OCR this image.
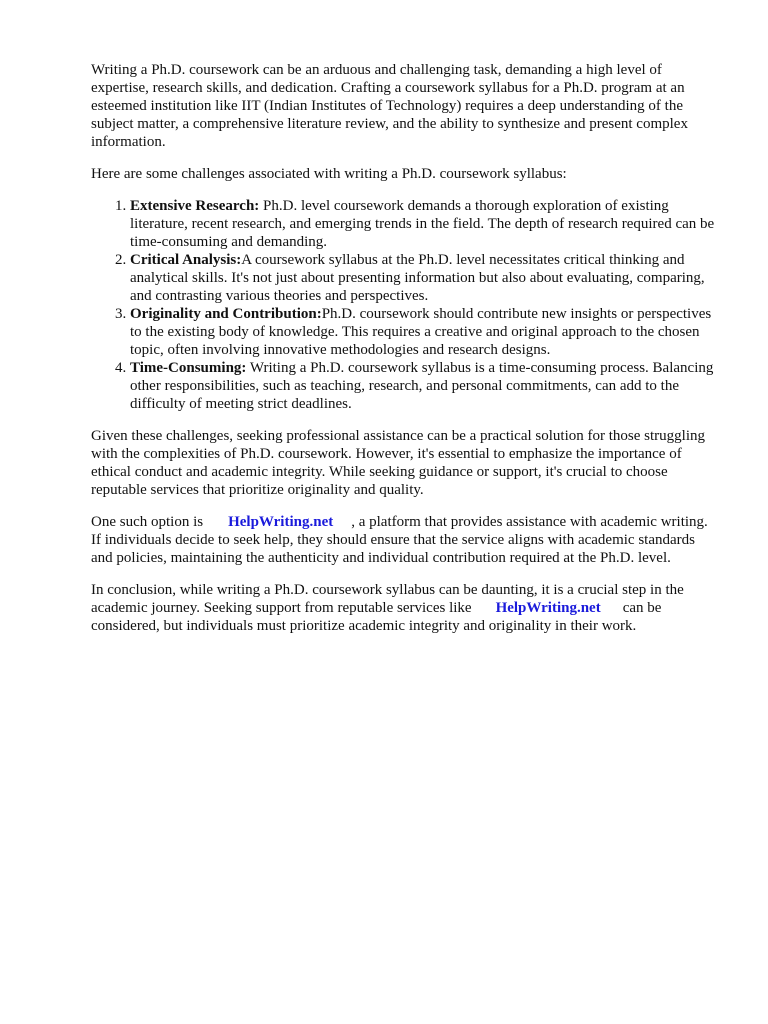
Writing a Ph.D. coursework can be an arduous and challenging task, demanding a high level of expertise, research skills, and dedication. Crafting a coursework syllabus for a Ph.D. program at an esteemed institution like IIT (Indian Institutes of Technology) requires a deep understanding of the subject matter, a comprehensive literature review, and the ability to synthesize and present complex information.

Here are some challenges associated with writing a Ph.D. coursework syllabus:

1. Extensive Research: Ph.D. level coursework demands a thorough exploration of existing literature, recent research, and emerging trends in the field. The depth of research required can be time-consuming and demanding.
2. Critical Analysis:A coursework syllabus at the Ph.D. level necessitates critical thinking and analytical skills. It's not just about presenting information but also about evaluating, comparing, and contrasting various theories and perspectives.
3. Originality and Contribution:Ph.D. coursework should contribute new insights or perspectives to the existing body of knowledge. This requires a creative and original approach to the chosen topic, often involving innovative methodologies and research designs.
4. Time-Consuming: Writing a Ph.D. coursework syllabus is a time-consuming process. Balancing other responsibilities, such as teaching, research, and personal commitments, can add to the difficulty of meeting strict deadlines.

Given these challenges, seeking professional assistance can be a practical solution for those struggling with the complexities of Ph.D. coursework. However, it's essential to emphasize the importance of ethical conduct and academic integrity. While seeking guidance or support, it's crucial to choose reputable services that prioritize originality and quality.

One such option is HelpWriting.net , a platform that provides assistance with academic writing. If individuals decide to seek help, they should ensure that the service aligns with academic standards and policies, maintaining the authenticity and individual contribution required at the Ph.D. level.

In conclusion, while writing a Ph.D. coursework syllabus can be daunting, it is a crucial step in the academic journey. Seeking support from reputable services like HelpWriting.net can be considered, but individuals must prioritize academic integrity and originality in their work.
